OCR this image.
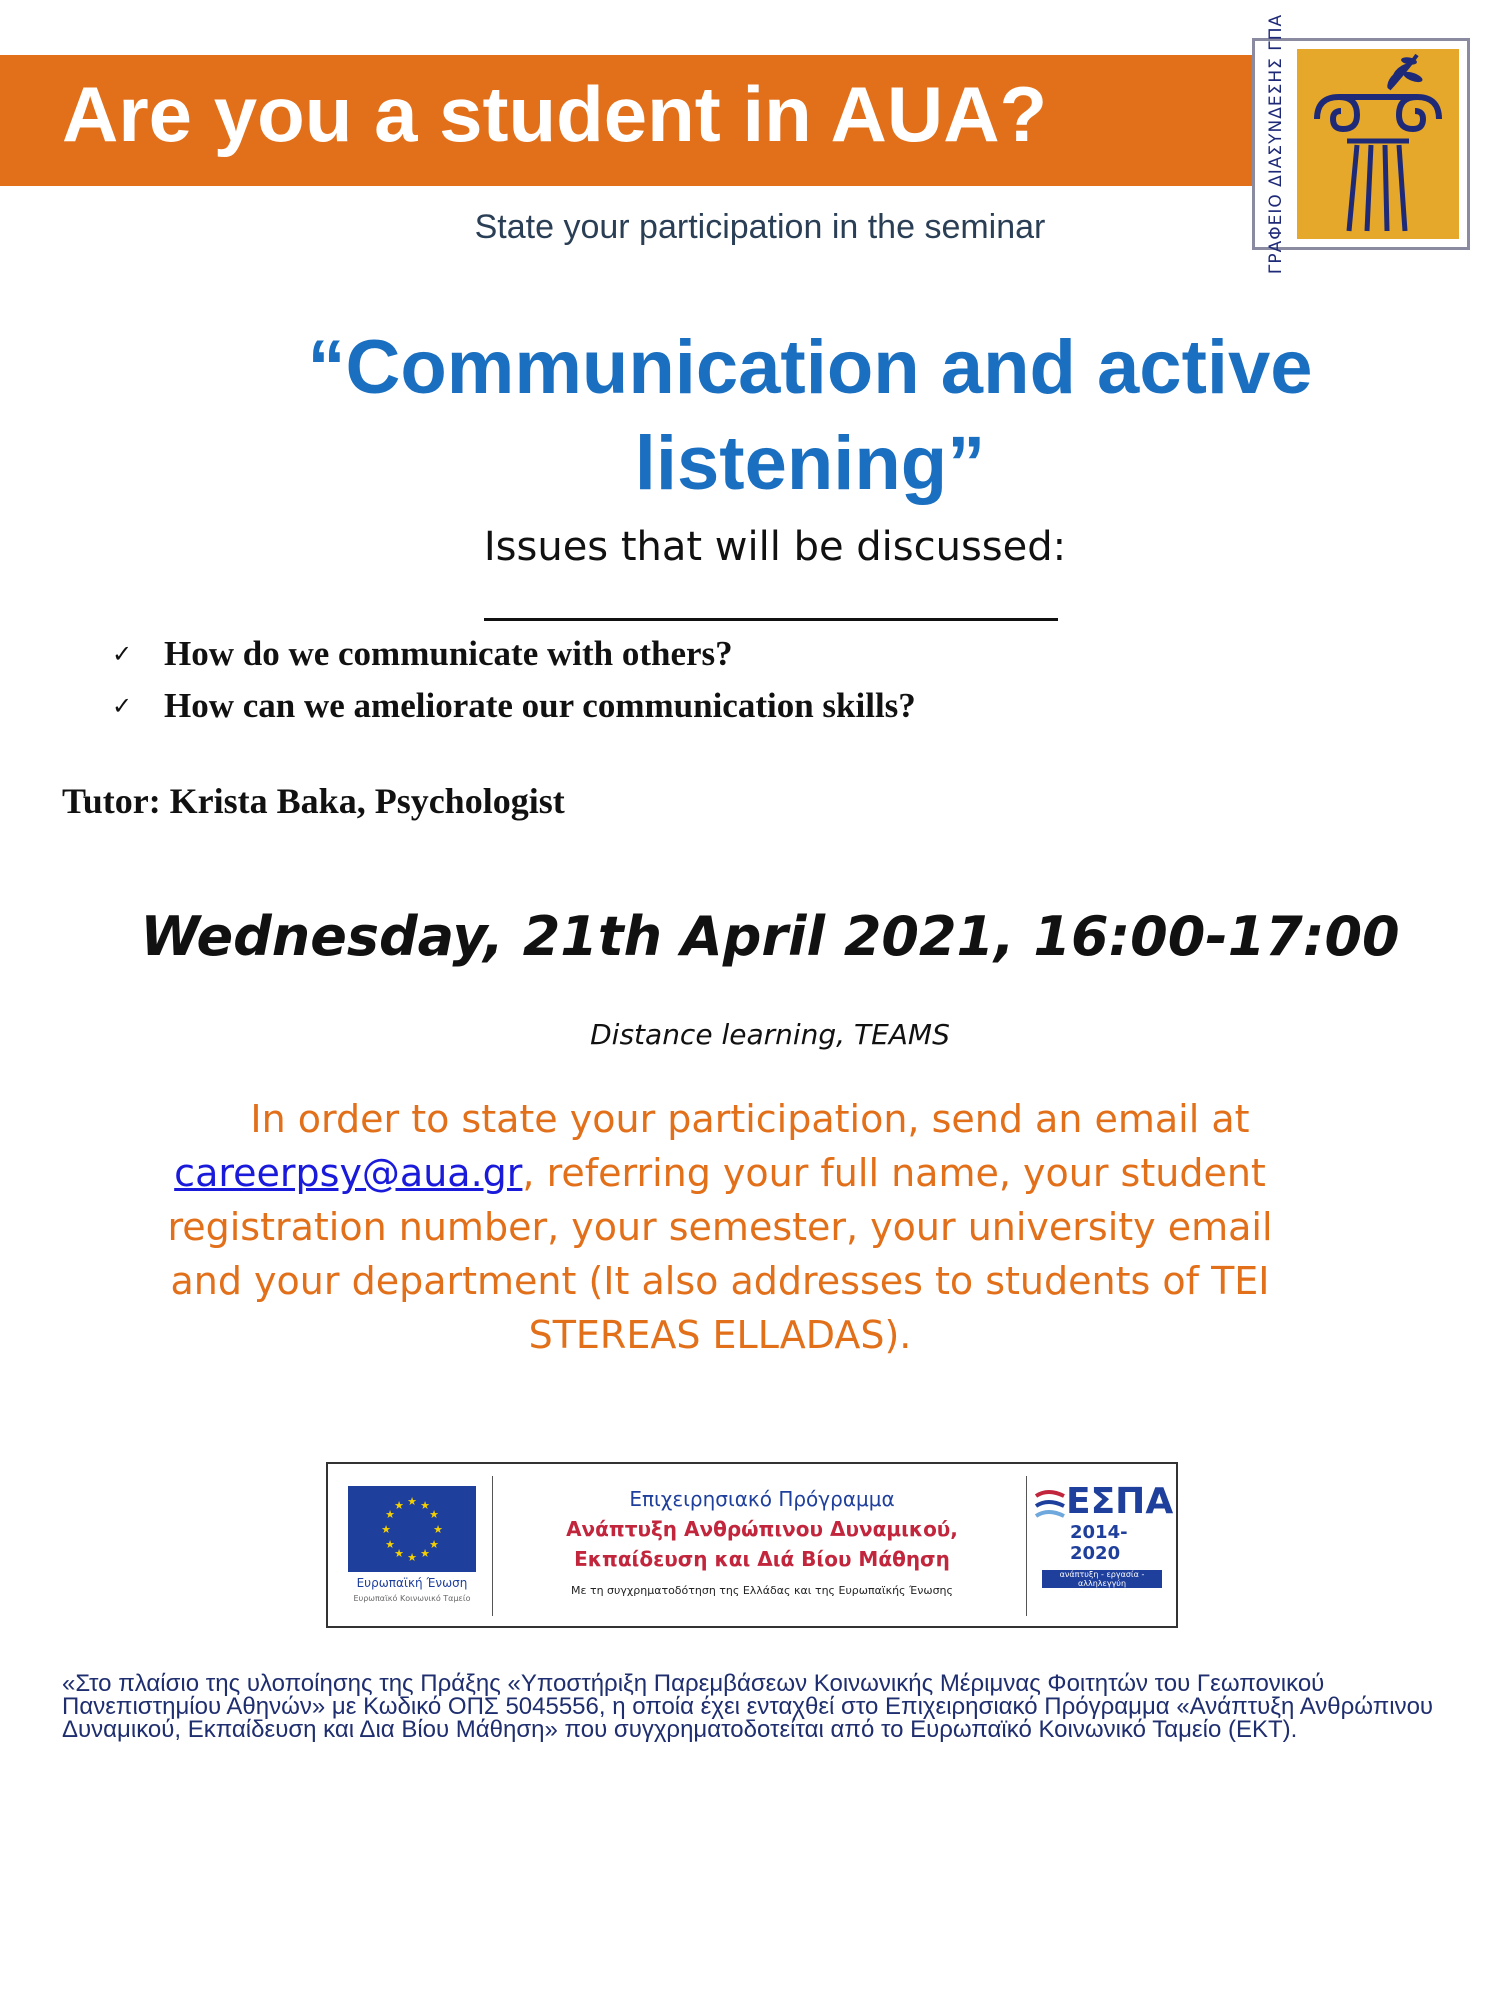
Are you a student in AUA?	ΓΡΑΦΕΙΟ ΔΙΑΣΥΝΔΕΣΗΣ ΓΠΑ
State your participation in the seminar
“Communication and active listening”
Issues that will be discussed:
✓ How do we communicate with others?
✓ How can we ameliorate our communication skills?
Tutor: Krista Baka, Psychologist
Wednesday, 21th April 2021, 16:00-17:00
Distance learning, TEAMS

In order to state your participation, send an email at careerpsy@aua.gr, referring your full name, your student registration number, your semester, your university email and your department (It also addresses to students of TEI STEREAS ELLADAS).

★ ★
★
★
★
★
★
★
★
★
★
★
Ευρωπαϊκή Ένωση
Ευρωπαϊκό Κοινωνικό Ταμείο
Επιχειρησιακό Πρόγραμμα
Ανάπτυξη Ανθρώπινου Δυναμικού,
Εκπαίδευση και Διά Βίου Μάθηση
Με τη συγχρηματοδότηση της Ελλάδας και της Ευρωπαϊκής Ένωσης
ΕΣΠΑ
2014-2020
ανάπτυξη - εργασία - αλληλεγγύη

«Στο πλαίσιο της υλοποίησης της Πράξης «Υποστήριξη Παρεμβάσεων Κοινωνικής Μέριμνας Φοιτητών του Γεωπονικού Πανεπιστημίου Αθηνών» με Κωδικό ΟΠΣ 5045556, η οποία έχει ενταχθεί στο Επιχειρησιακό Πρόγραμμα «Ανάπτυξη Ανθρώπινου Δυναμικού, Εκπαίδευση και Δια Βίου Μάθηση» που συγχρηματοδοτείται από το Ευρωπαϊκό Κοινωνικό Ταμείο (ΕΚΤ).
